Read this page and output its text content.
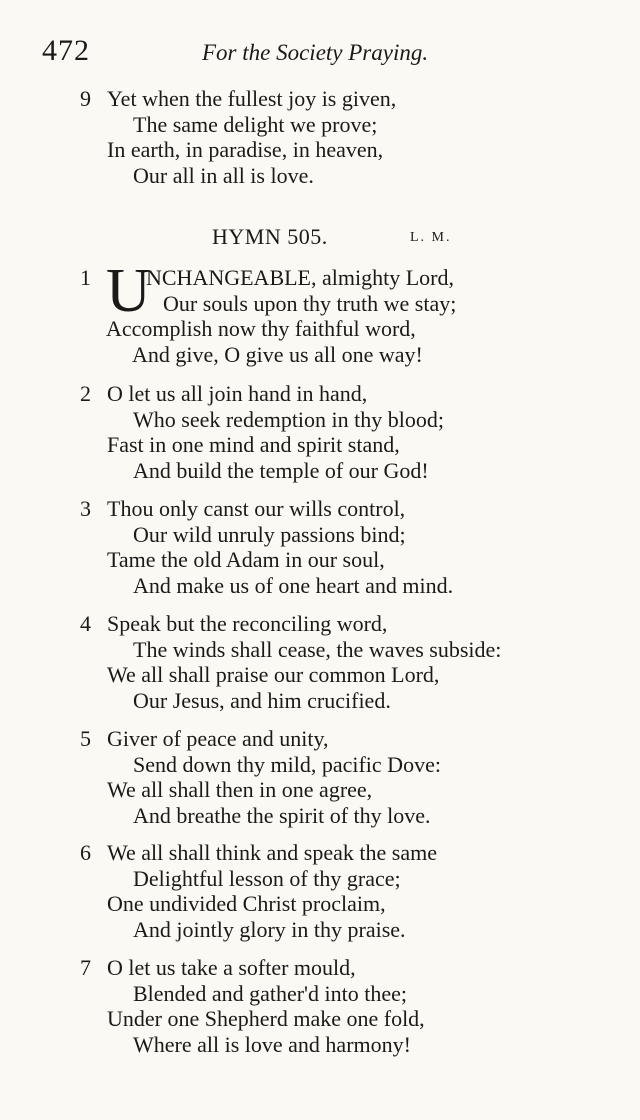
472	For the Society Praying.
9 Yet when the fullest joy is given,
The same delight we prove;
In earth, in paradise, in heaven,
Our all in all is love.
HYMN 505.	L. M.
1 U
NCHANGEABLE, almighty Lord,
Our souls upon thy truth we stay;
Accomplish now thy faithful word,
And give, O give us all one way!
2 O let us all join hand in hand,
Who seek redemption in thy blood;
Fast in one mind and spirit stand,
And build the temple of our God!
3 Thou only canst our wills control,
Our wild unruly passions bind;
Tame the old Adam in our soul,
And make us of one heart and mind.
4 Speak but the reconciling word,
The winds shall cease, the waves subside:
We all shall praise our common Lord,
Our Jesus, and him crucified.
5 Giver of peace and unity,
Send down thy mild, pacific Dove:
We all shall then in one agree,
And breathe the spirit of thy love.
6 We all shall think and speak the same
Delightful lesson of thy grace;
One undivided Christ proclaim,
And jointly glory in thy praise.
7 O let us take a softer mould,
Blended and gather'd into thee;
Under one Shepherd make one fold,
Where all is love and harmony!
